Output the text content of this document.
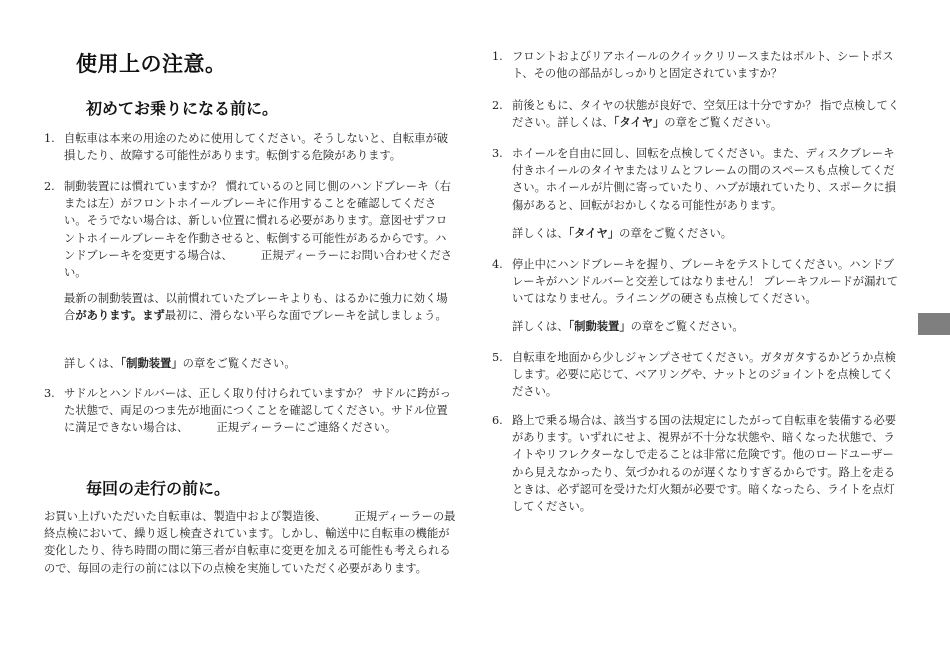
使用上の注意。
初めてお乗りになる前に。
1. 自転車は本来の用途のために使用してください。そうしないと、自転車が破損したり、故障する可能性があります。転倒する危険があります。
2. 制動装置には慣れていますか？ 慣れているのと同じ側のハンドブレーキ（右または左）がフロントホイールブレーキに作用することを確認してください。そうでない場合は、新しい位置に慣れる必要があります。意図せずフロントホイールブレーキを作動させると、転倒する可能性があるからです。ハンドブレーキを変更する場合は、　　　正規ディーラーにお問い合わせください。
最新の制動装置は、以前慣れていたブレーキよりも、はるかに強力に効く場合があります。まず最初に、滑らない平らな面でブレーキを試しましょう。
詳しくは、「制動装置」の章をご覧ください。
3. サドルとハンドルバーは、正しく取り付けられていますか？ サドルに跨がった状態で、両足のつま先が地面につくことを確認してください。サドル位置に満足できない場合は、　　　正規ディーラーにご連絡ください。
お買い上げいただいた自転車は、製造中および製造後、　　　正規ディーラーの最終点検において、繰り返し検査されています。しかし、輸送中に自転車の機能が変化したり、待ち時間の間に第三者が自転車に変更を加える可能性も考えられるので、毎回の走行の前には以下の点検を実施していただく必要があります。
毎回の走行の前に。
1. フロントおよびリアホイールのクイックリリースまたはボルト、シートポスト、その他の部品がしっかりと固定されていますか？
2. 前後ともに、タイヤの状態が良好で、空気圧は十分ですか？ 指で点検してください。詳しくは、「タイヤ」の章をご覧ください。
3. ホイールを自由に回し、回転を点検してください。また、ディスクブレーキ付きホイールのタイヤまたはリムとフレームの間のスペースも点検してください。ホイールが片側に寄っていたり、ハブが壊れていたり、スポークに損傷があると、回転がおかしくなる可能性があります。
詳しくは、「タイヤ」の章をご覧ください。
4. 停止中にハンドブレーキを握り、ブレーキをテストしてください。ハンドブレーキがハンドルバーと交差してはなりません！ ブレーキフルードが漏れていてはなりません。ライニングの硬さも点検してください。
詳しくは、「制動装置」の章をご覧ください。
5. 自転車を地面から少しジャンプさせてください。ガタガタするかどうか点検します。必要に応じて、ベアリングや、ナットとのジョイントを点検してください。
6. 路上で乗る場合は、該当する国の法規定にしたがって自転車を装備する必要があります。いずれにせよ、視界が不十分な状態や、暗くなった状態で、ライトやリフレクターなしで走ることは非常に危険です。他のロードユーザーから見えなかったり、気づかれるのが遅くなりすぎるからです。路上を走るときは、必ず認可を受けた灯火類が必要です。暗くなったら、ライトを点灯してください。
